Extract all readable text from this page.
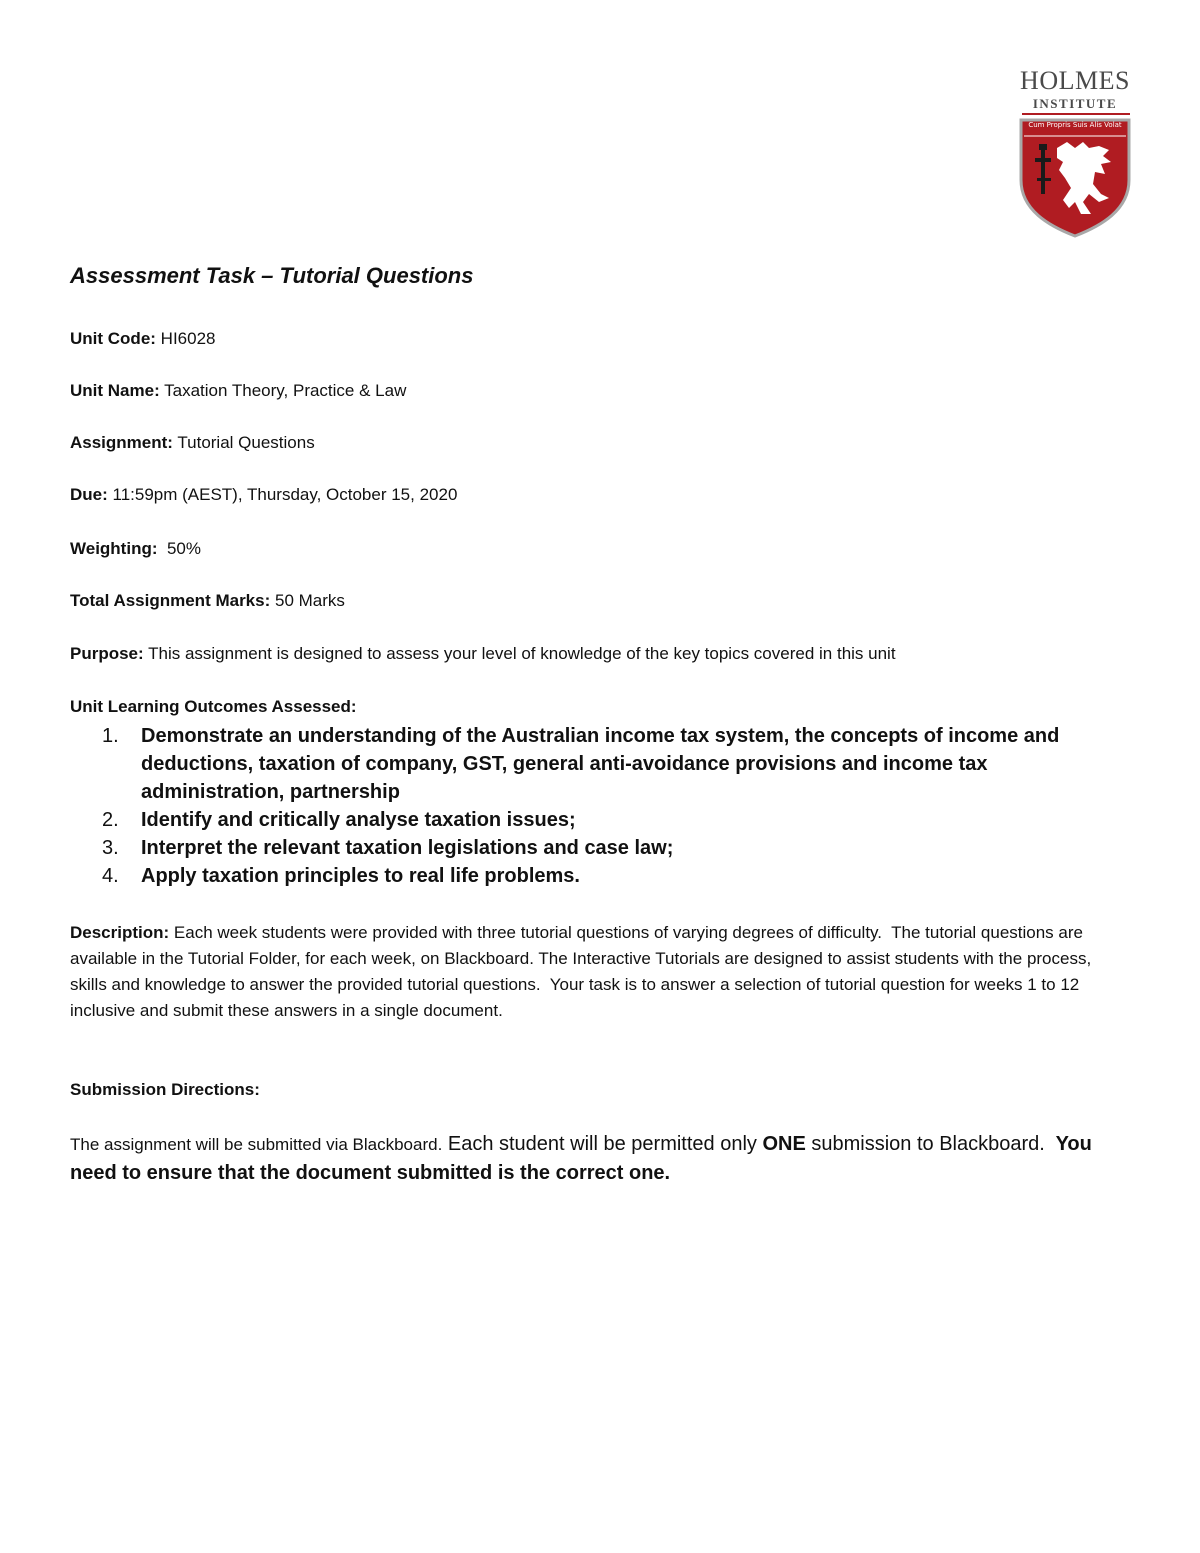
HOLMES
INSTITUTE
Cum Propris Suis Alis Volat
Assessment Task – Tutorial Questions

Unit Code: HI6028

Unit Name: Taxation Theory, Practice & Law

Assignment: Tutorial Questions

Due: 11:59pm (AEST), Thursday, October 15, 2020

Weighting:  50%

Total Assignment Marks: 50 Marks

Purpose: This assignment is designed to assess your level of knowledge of the key topics covered in this unit

Unit Learning Outcomes Assessed:

1. Demonstrate an understanding of the Australian income tax system, the concepts of income and deductions, taxation of company, GST, general anti-avoidance provisions and income tax administration, partnership
2. Identify and critically analyse taxation issues;
3. Interpret the relevant taxation legislations and case law;
4. Apply taxation principles to real life problems.

Description: Each week students were provided with three tutorial questions of varying degrees of difficulty.  The tutorial questions are available in the Tutorial Folder, for each week, on Blackboard. The Interactive Tutorials are designed to assist students with the process, skills and knowledge to answer the provided tutorial questions.  Your task is to answer a selection of tutorial question for weeks 1 to 12 inclusive and submit these answers in a single document.

Submission Directions:

The assignment will be submitted via Blackboard. Each student will be permitted only ONE submission to Blackboard.  You need to ensure that the document submitted is the correct one.
